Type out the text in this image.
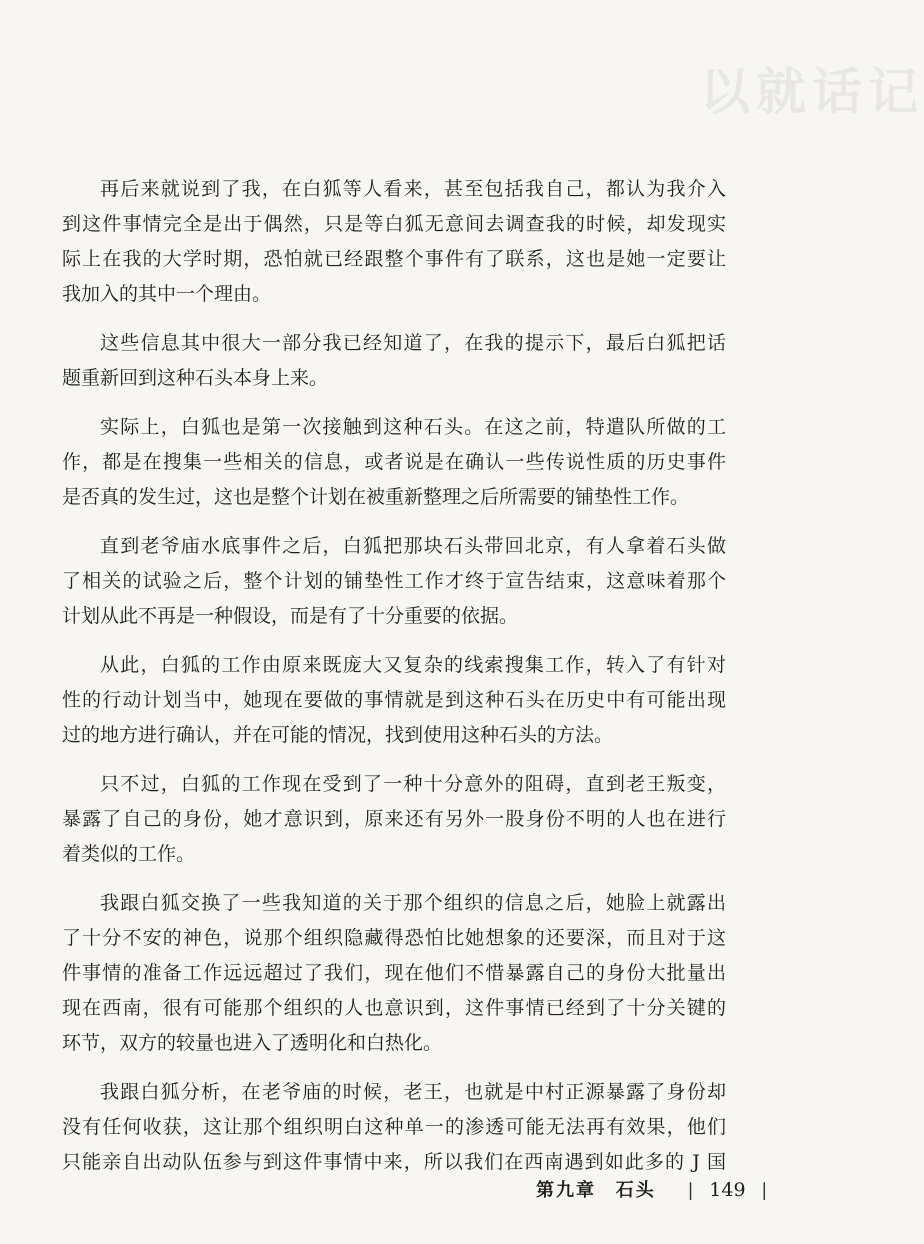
以就话记

再后来就说到了我，在白狐等人看来，甚至包括我自己，都认为我介入
到这件事情完全是出于偶然，只是等白狐无意间去调查我的时候，却发现实
际上在我的大学时期，恐怕就已经跟整个事件有了联系，这也是她一定要让
我加入的其中一个理由。

这些信息其中很大一部分我已经知道了，在我的提示下，最后白狐把话
题重新回到这种石头本身上来。

实际上，白狐也是第一次接触到这种石头。在这之前，特遣队所做的工
作，都是在搜集一些相关的信息，或者说是在确认一些传说性质的历史事件
是否真的发生过，这也是整个计划在被重新整理之后所需要的铺垫性工作。

直到老爷庙水底事件之后，白狐把那块石头带回北京，有人拿着石头做
了相关的试验之后，整个计划的铺垫性工作才终于宣告结束，这意味着那个
计划从此不再是一种假设，而是有了十分重要的依据。

从此，白狐的工作由原来既庞大又复杂的线索搜集工作，转入了有针对
性的行动计划当中，她现在要做的事情就是到这种石头在历史中有可能出现
过的地方进行确认，并在可能的情况，找到使用这种石头的方法。

只不过，白狐的工作现在受到了一种十分意外的阻碍，直到老王叛变，
暴露了自己的身份，她才意识到，原来还有另外一股身份不明的人也在进行
着类似的工作。

我跟白狐交换了一些我知道的关于那个组织的信息之后，她脸上就露出
了十分不安的神色，说那个组织隐藏得恐怕比她想象的还要深，而且对于这
件事情的准备工作远远超过了我们，现在他们不惜暴露自己的身份大批量出
现在西南，很有可能那个组织的人也意识到，这件事情已经到了十分关键的
环节，双方的较量也进入了透明化和白热化。

我跟白狐分析，在老爷庙的时候，老王，也就是中村正源暴露了身份却
没有任何收获，这让那个组织明白这种单一的渗透可能无法再有效果，他们
只能亲自出动队伍参与到这件事情中来，所以我们在西南遇到如此多的 J 国

第九章 石头 | 149 |
